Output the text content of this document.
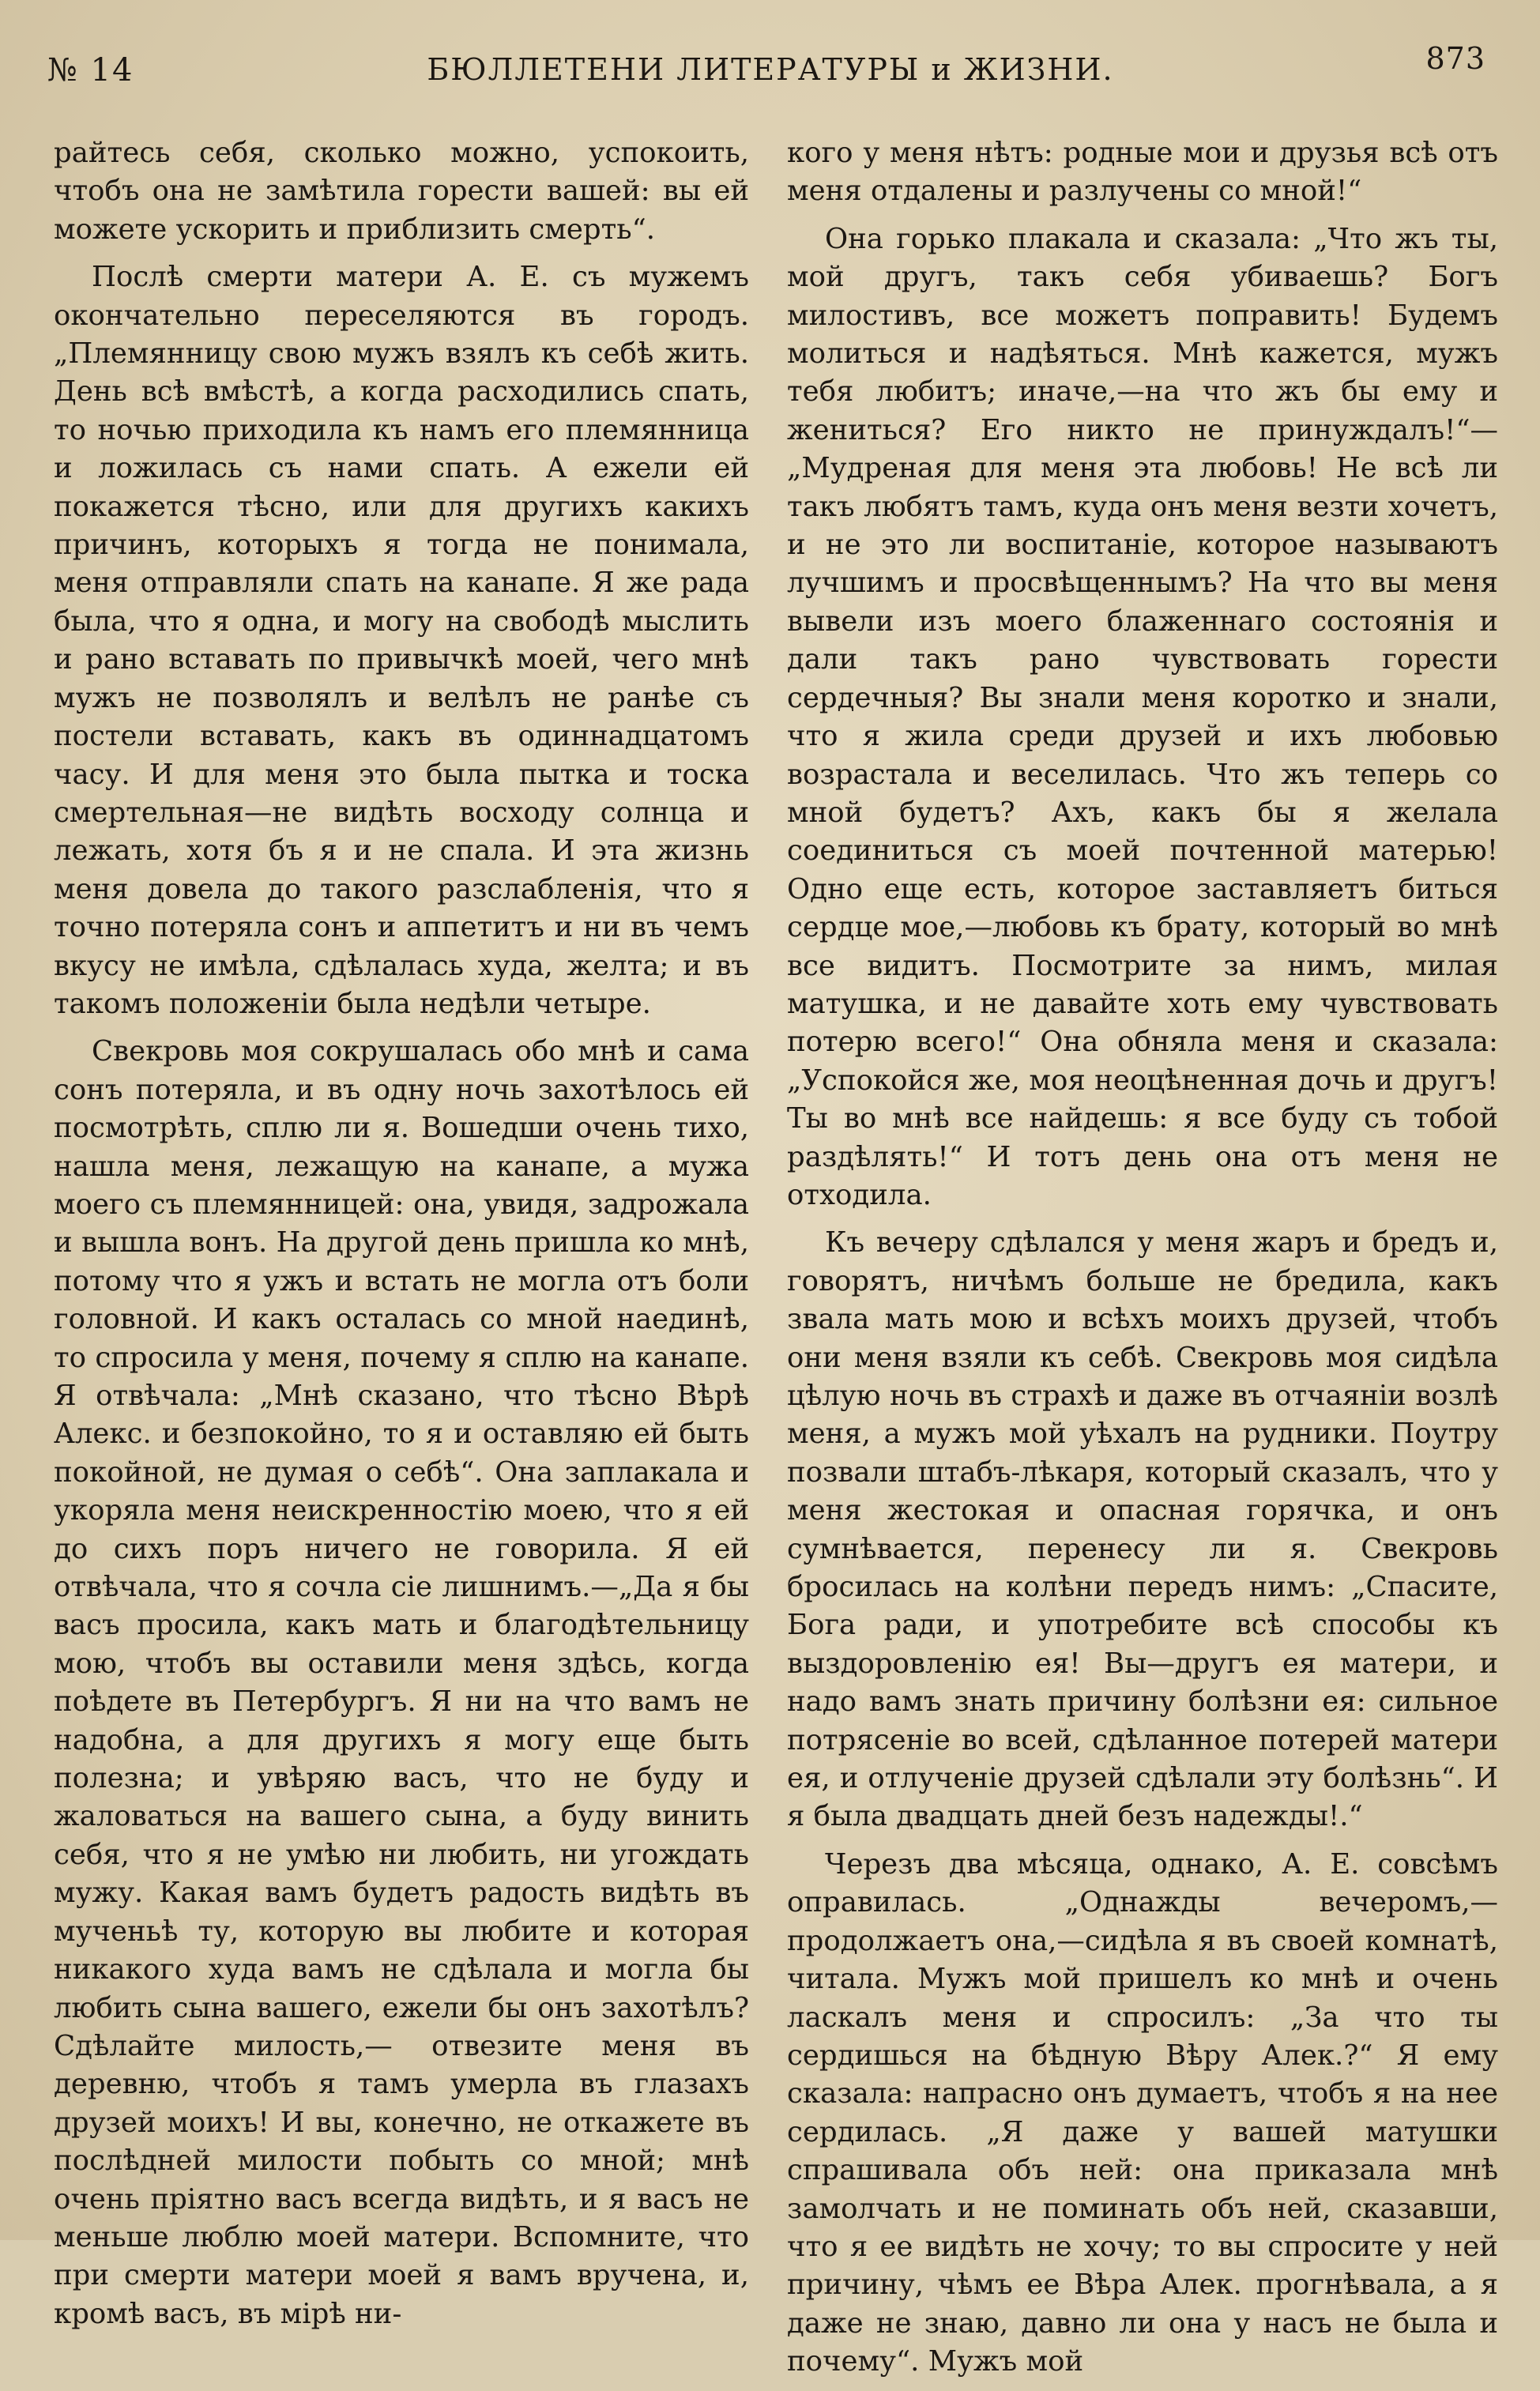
№ 14	БЮЛЛЕТЕНИ ЛИТЕРАТУРЫ и ЖИЗНИ.	873

райтесь себя, сколько можно, успокоить, чтобъ она не замѣтила горести вашей: вы ей можете ускорить и приблизить смерть“.

Послѣ смерти матери А. Е. съ мужемъ окончательно переселяются въ городъ. „Племянницу свою мужъ взялъ къ себѣ жить. День всѣ вмѣстѣ, а когда расходились спать, то ночью приходила къ намъ его племянница и ложилась съ нами спать. А ежели ей покажется тѣсно, или для другихъ какихъ причинъ, которыхъ я тогда не понимала, меня отправляли спать на канапе. Я же рада была, что я одна, и могу на свободѣ мыслить и рано вставать по привычкѣ моей, чего мнѣ мужъ не позволялъ и велѣлъ не ранѣе съ постели вставать, какъ въ одиннадцатомъ часу. И для меня это была пытка и тоска смертельная—не видѣть восходу солнца и лежать, хотя бъ я и не спала. И эта жизнь меня довела до такого разслабленія, что я точно потеряла сонъ и аппетитъ и ни въ чемъ вкусу не имѣла, сдѣлалась худа, желта; и въ такомъ положеніи была недѣли четыре.

Свекровь моя сокрушалась обо мнѣ и сама сонъ потеряла, и въ одну ночь захотѣлось ей посмотрѣть, сплю ли я. Вошедши очень тихо, нашла меня, лежащую на канапе, а мужа моего съ племянницей: она, увидя, задрожала и вышла вонъ. На другой день пришла ко мнѣ, потому что я ужъ и встать не могла отъ боли головной. И какъ осталась со мной наединѣ, то спросила у меня, почему я сплю на канапе. Я отвѣчала: „Мнѣ сказано, что тѣсно Вѣрѣ Алекс. и безпокойно, то я и оставляю ей быть покойной, не думая о себѣ“. Она заплакала и укоряла меня неискренностію моею, что я ей до сихъ поръ ничего не говорила. Я ей отвѣчала, что я сочла сіе лишнимъ.—„Да я бы васъ просила, какъ мать и благодѣтельницу мою, чтобъ вы оставили меня здѣсь, когда поѣдете въ Петербургъ. Я ни на что вамъ не надобна, а для другихъ я могу еще быть полезна; и увѣряю васъ, что не буду и жаловаться на вашего сына, а буду винить себя, что я не умѣю ни любить, ни угождать мужу. Какая вамъ будетъ радость видѣть въ мученьѣ ту, которую вы любите и которая никакого худа вамъ не сдѣлала и могла бы любить сына вашего, ежели бы онъ захотѣлъ? Сдѣлайте милость,— отвезите меня въ деревню, чтобъ я тамъ умерла въ глазахъ друзей моихъ! И вы, конечно, не откажете въ послѣдней милости побыть со мной; мнѣ очень пріятно васъ всегда видѣть, и я васъ не меньше люблю моей матери. Вспомните, что при смерти матери моей я вамъ вручена, и, кромѣ васъ, въ мірѣ ни-

кого у меня нѣтъ: родные мои и друзья всѣ отъ меня отдалены и разлучены со мной!“

Она горько плакала и сказала: „Что жъ ты, мой другъ, такъ себя убиваешь? Богъ милостивъ, все можетъ поправить! Будемъ молиться и надѣяться. Мнѣ кажется, мужъ тебя любитъ; иначе,—на что жъ бы ему и жениться? Его никто не принуждалъ!“—„Мудреная для меня эта любовь! Не всѣ ли такъ любятъ тамъ, куда онъ меня везти хочетъ, и не это ли воспитаніе, которое называютъ лучшимъ и просвѣщеннымъ? На что вы меня вывели изъ моего блаженнаго состоянія и дали такъ рано чувствовать горести сердечныя? Вы знали меня коротко и знали, что я жила среди друзей и ихъ любовью возрастала и веселилась. Что жъ теперь со мной будетъ? Ахъ, какъ бы я желала соединиться съ моей почтенной матерью! Одно еще есть, которое заставляетъ биться сердце мое,—любовь къ брату, который во мнѣ все видитъ. Посмотрите за нимъ, милая матушка, и не давайте хоть ему чувствовать потерю всего!“ Она обняла меня и сказала: „Успокойся же, моя неоцѣненная дочь и другъ! Ты во мнѣ все найдешь: я все буду съ тобой раздѣлять!“ И тотъ день она отъ меня не отходила.

Къ вечеру сдѣлался у меня жаръ и бредъ и, говорятъ, ничѣмъ больше не бредила, какъ звала мать мою и всѣхъ моихъ друзей, чтобъ они меня взяли къ себѣ. Свекровь моя сидѣла цѣлую ночь въ страхѣ и даже въ отчаяніи возлѣ меня, а мужъ мой уѣхалъ на рудники. Поутру позвали штабъ-лѣкаря, который сказалъ, что у меня жестокая и опасная горячка, и онъ сумнѣвается, перенесу ли я. Свекровь бросилась на колѣни передъ нимъ: „Спасите, Бога ради, и употребите всѣ способы къ выздоровленію ея! Вы—другъ ея матери, и надо вамъ знать причину болѣзни ея: сильное потрясеніе во всей, сдѣланное потерей матери ея, и отлученіе друзей сдѣлали эту болѣзнь“. И я была двадцать дней безъ надежды!.“

Черезъ два мѣсяца, однако, А. Е. совсѣмъ оправилась. „Однажды вечеромъ,—продолжаетъ она,—сидѣла я въ своей комнатѣ, читала. Мужъ мой пришелъ ко мнѣ и очень ласкалъ меня и спросилъ: „За что ты сердишься на бѣдную Вѣру Алек.?“ Я ему сказала: напрасно онъ думаетъ, чтобъ я на нее сердилась. „Я даже у вашей матушки спрашивала объ ней: она приказала мнѣ замолчать и не поминать объ ней, сказавши, что я ее видѣть не хочу; то вы спросите у ней причину, чѣмъ ее Вѣра Алек. прогнѣвала, а я даже не знаю, давно ли она у насъ не была и почему“. Мужъ мой
